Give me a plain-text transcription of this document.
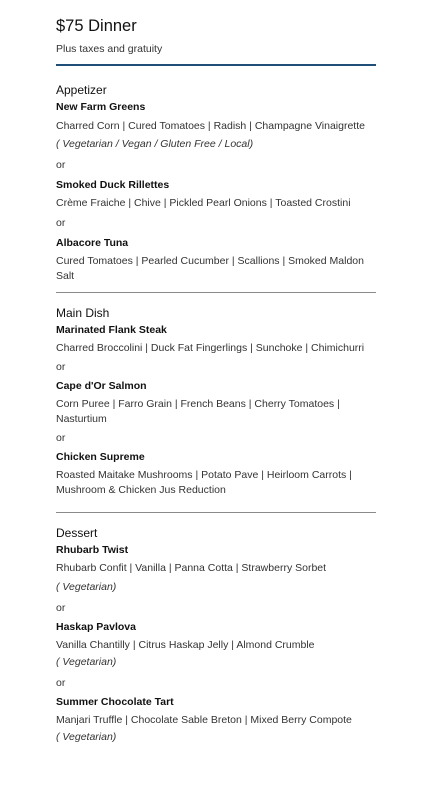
$75 Dinner
Plus taxes and gratuity
Appetizer
New Farm Greens
Charred Corn | Cured Tomatoes | Radish | Champagne Vinaigrette
( Vegetarian / Vegan / Gluten Free / Local)
or
Smoked Duck Rillettes
Crème Fraiche | Chive | Pickled Pearl Onions | Toasted Crostini
or
Albacore Tuna
Cured Tomatoes | Pearled Cucumber | Scallions | Smoked Maldon Salt
Main Dish
Marinated Flank Steak
Charred Broccolini | Duck Fat Fingerlings | Sunchoke | Chimichurri
or
Cape d'Or Salmon
Corn Puree | Farro Grain | French Beans | Cherry Tomatoes | Nasturtium
or
Chicken Supreme
Roasted Maitake Mushrooms | Potato Pave | Heirloom Carrots | Mushroom & Chicken Jus Reduction
Dessert
Rhubarb Twist
Rhubarb Confit | Vanilla | Panna Cotta | Strawberry Sorbet
( Vegetarian)
or
Haskap Pavlova
Vanilla Chantilly | Citrus Haskap Jelly | Almond Crumble
( Vegetarian)
or
Summer Chocolate Tart
Manjari Truffle | Chocolate Sable Breton | Mixed Berry Compote
( Vegetarian)
